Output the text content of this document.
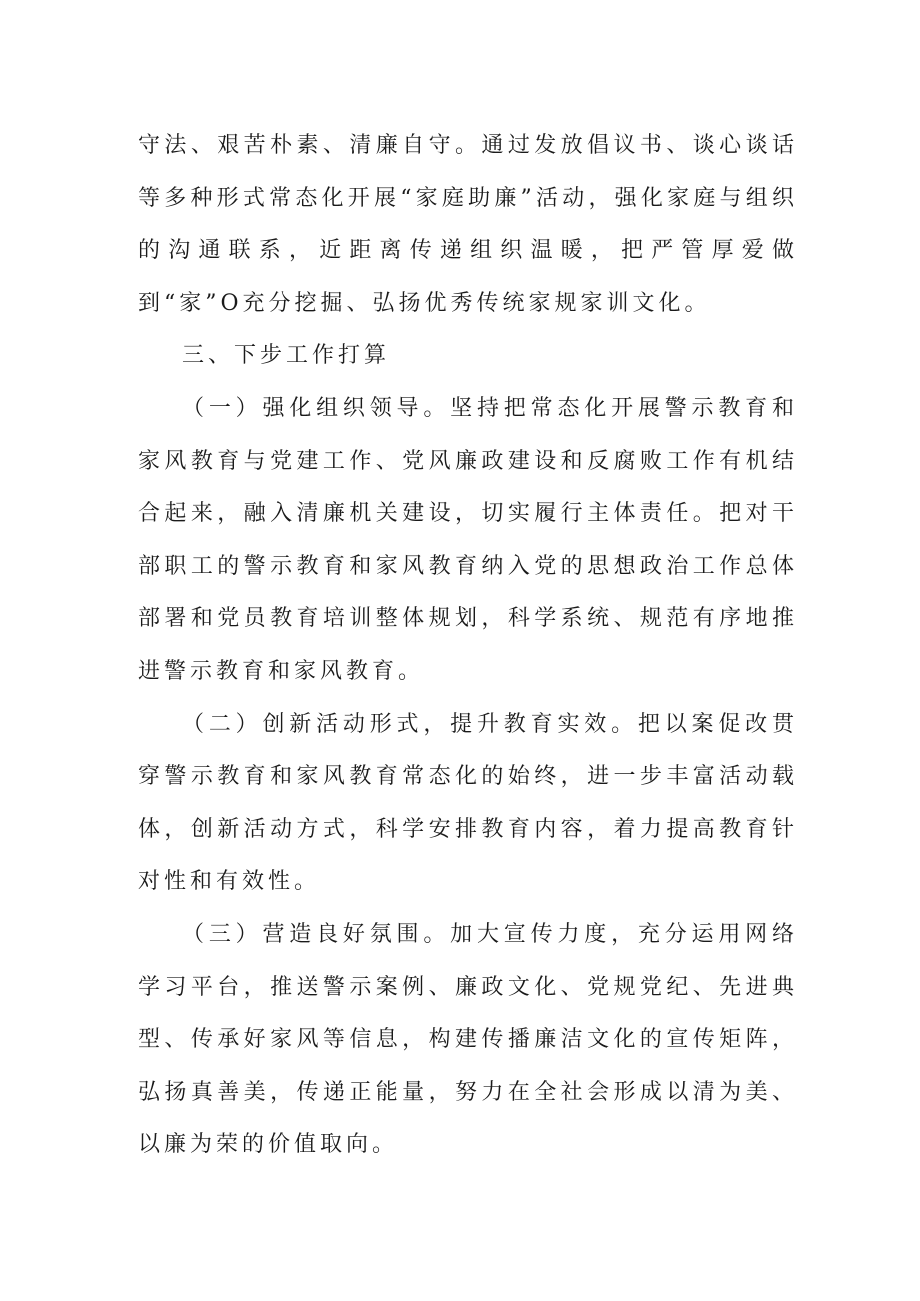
守法、艰苦朴素、清廉自守。通过发放倡议书、谈心谈话等多种形式常态化开展“家庭助廉”活动，强化家庭与组织的沟通联系，近距离传递组织温暖，把严管厚爱做到“家”O充分挖掘、弘扬优秀传统家规家训文化。

三、下步工作打算

（一）强化组织领导。坚持把常态化开展警示教育和家风教育与党建工作、党风廉政建设和反腐败工作有机结合起来，融入清廉机关建设，切实履行主体责任。把对干部职工的警示教育和家风教育纳入党的思想政治工作总体部署和党员教育培训整体规划，科学系统、规范有序地推进警示教育和家风教育。

（二）创新活动形式，提升教育实效。把以案促改贯穿警示教育和家风教育常态化的始终，进一步丰富活动载体，创新活动方式，科学安排教育内容，着力提高教育针对性和有效性。

（三）营造良好氛围。加大宣传力度，充分运用网络学习平台，推送警示案例、廉政文化、党规党纪、先进典型、传承好家风等信息，构建传播廉洁文化的宣传矩阵，弘扬真善美，传递正能量，努力在全社会形成以清为美、以廉为荣的价值取向。
